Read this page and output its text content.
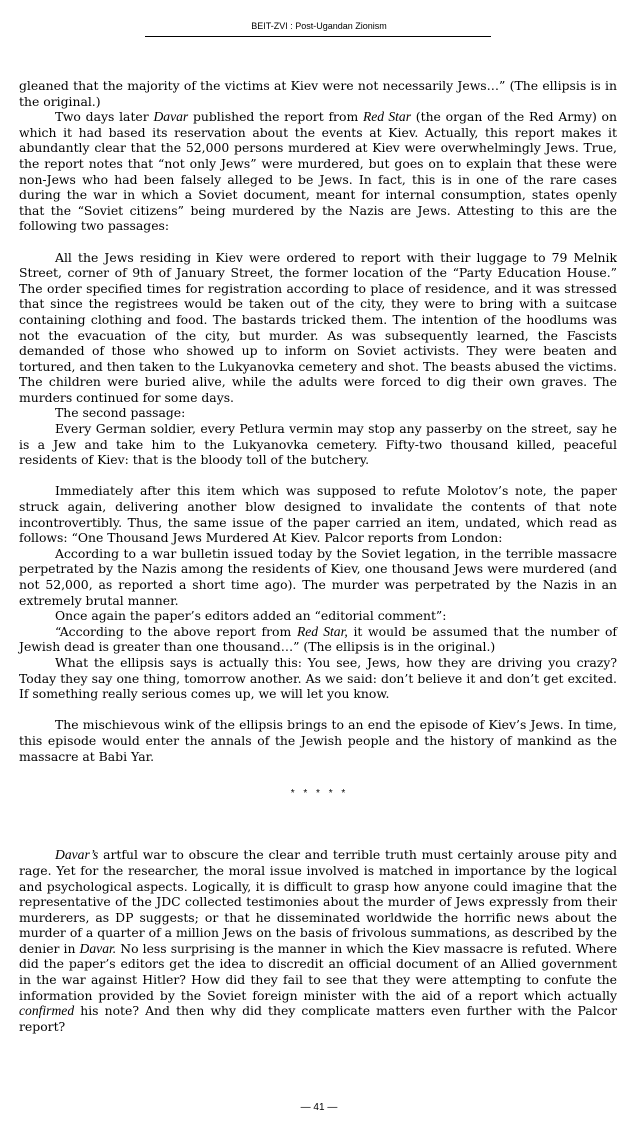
BEIT-ZVI : Post-Ugandan Zionism

gleaned that the majority of the victims at Kiev were not necessarily Jews…” (The ellipsis is in the original.)

Two days later Davar published the report from Red Star (the organ of the Red Army) on which it had based its reservation about the events at Kiev. Actually, this report makes it abundantly clear that the 52,000 persons murdered at Kiev were overwhelmingly Jews. True, the report notes that “not only Jews” were murdered, but goes on to explain that these were non-Jews who had been falsely alleged to be Jews. In fact, this is in one of the rare cases during the war in which a Soviet document, meant for internal consumption, states openly that the “Soviet citizens” being murdered by the Nazis are Jews. Attesting to this are the following two passages:

All the Jews residing in Kiev were ordered to report with their luggage to 79 Melnik Street, corner of 9th of January Street, the former location of the “Party Education House.” The order specified times for registration according to place of residence, and it was stressed that since the registrees would be taken out of the city, they were to bring with a suitcase containing clothing and food. The bastards tricked them. The intention of the hoodlums was not the evacuation of the city, but murder. As was subsequently learned, the Fascists demanded of those who showed up to inform on Soviet activists. They were beaten and tortured, and then taken to the Lukyanovka cemetery and shot. The beasts abused the victims. The children were buried alive, while the adults were forced to dig their own graves. The murders continued for some days.

The second passage:

Every German soldier, every Petlura vermin may stop any passerby on the street, say he is a Jew and take him to the Lukyanovka cemetery. Fifty-two thousand killed, peaceful residents of Kiev: that is the bloody toll of the butchery.

Immediately after this item which was supposed to refute Molotov’s note, the paper struck again, delivering another blow designed to invalidate the contents of that note incontrovertibly. Thus, the same issue of the paper carried an item, undated, which read as follows: “One Thousand Jews Murdered At Kiev. Palcor reports from London:

According to a war bulletin issued today by the Soviet legation, in the terrible massacre perpetrated by the Nazis among the residents of Kiev, one thousand Jews were murdered (and not 52,000, as reported a short time ago). The murder was perpetrated by the Nazis in an extremely brutal manner.

Once again the paper’s editors added an “editorial comment”:

“According to the above report from Red Star, it would be assumed that the number of Jewish dead is greater than one thousand…” (The ellipsis is in the original.)

What the ellipsis says is actually this: You see, Jews, how they are driving you crazy? Today they say one thing, tomorrow another. As we said: don’t believe it and don’t get excited. If something really serious comes up, we will let you know.

The mischievous wink of the ellipsis brings to an end the episode of Kiev’s Jews. In time, this episode would enter the annals of the Jewish people and the history of mankind as the massacre at Babi Yar.

* * * * *

Davar’s artful war to obscure the clear and terrible truth must certainly arouse pity and rage. Yet for the researcher, the moral issue involved is matched in importance by the logical and psychological aspects. Logically, it is difficult to grasp how anyone could imagine that the representative of the JDC collected testimonies about the murder of Jews expressly from their murderers, as DP suggests; or that he disseminated worldwide the horrific news about the murder of a quarter of a million Jews on the basis of frivolous summations, as described by the denier in Davar. No less surprising is the manner in which the Kiev massacre is refuted. Where did the paper’s editors get the idea to discredit an official document of an Allied government in the war against Hitler? How did they fail to see that they were attempting to confute the information provided by the Soviet foreign minister with the aid of a report which actually confirmed his note? And then why did they complicate matters even further with the Palcor report?

— 41 —
